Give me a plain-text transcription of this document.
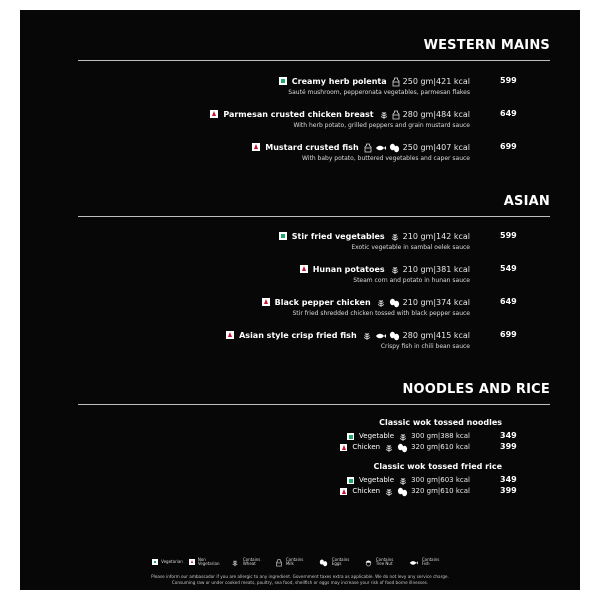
WESTERN MAINS
Creamy herb polenta 250 gm|421 kcal
Sauté mushroom, pepperonata vegetables, parmesan flakes
599
Parmesan crusted chicken breast	280 gm|484 kcal
With herb potato, grilled peppers and grain mustard sauce
649
Mustard crusted fish	250 gm|407 kcal
With baby potato, buttered vegetables and caper sauce
699
ASIAN
Stir fried vegetables 210 gm|142 kcal
Exotic vegetable in sambal oelek sauce
599
Hunan potatoes 210 gm|381 kcal
Steam corn and potato in hunan sauce
549
Black pepper chicken	210 gm|374 kcal
Stir fried shredded chicken tossed with black pepper sauce
649
Asian style crisp fried fish	280 gm|415 kcal
Crispy fish in chili bean sauce
699
NOODLES AND RICE
Classic wok tossed noodles
Vegetable 300 gm|388 kcal	349
Chicken	320 gm|610 kcal	399
Classic wok tossed fried rice
Vegetable 300 gm|603 kcal	349
Chicken	320 gm|610 kcal	399
Vegetarian	Non Vegetarian
Contains Wheat
Contains Milk
Contains Eggs
Contains Tree Nut
Contains Fish
Please inform our ambassador if you are allergic to any ingredient. Government taxes extra as applicable. We do not levy any service charge.
Consuming raw or under cooked meats, poultry, sea food, shellfish or eggs may increase your risk of food borne illnesses.
